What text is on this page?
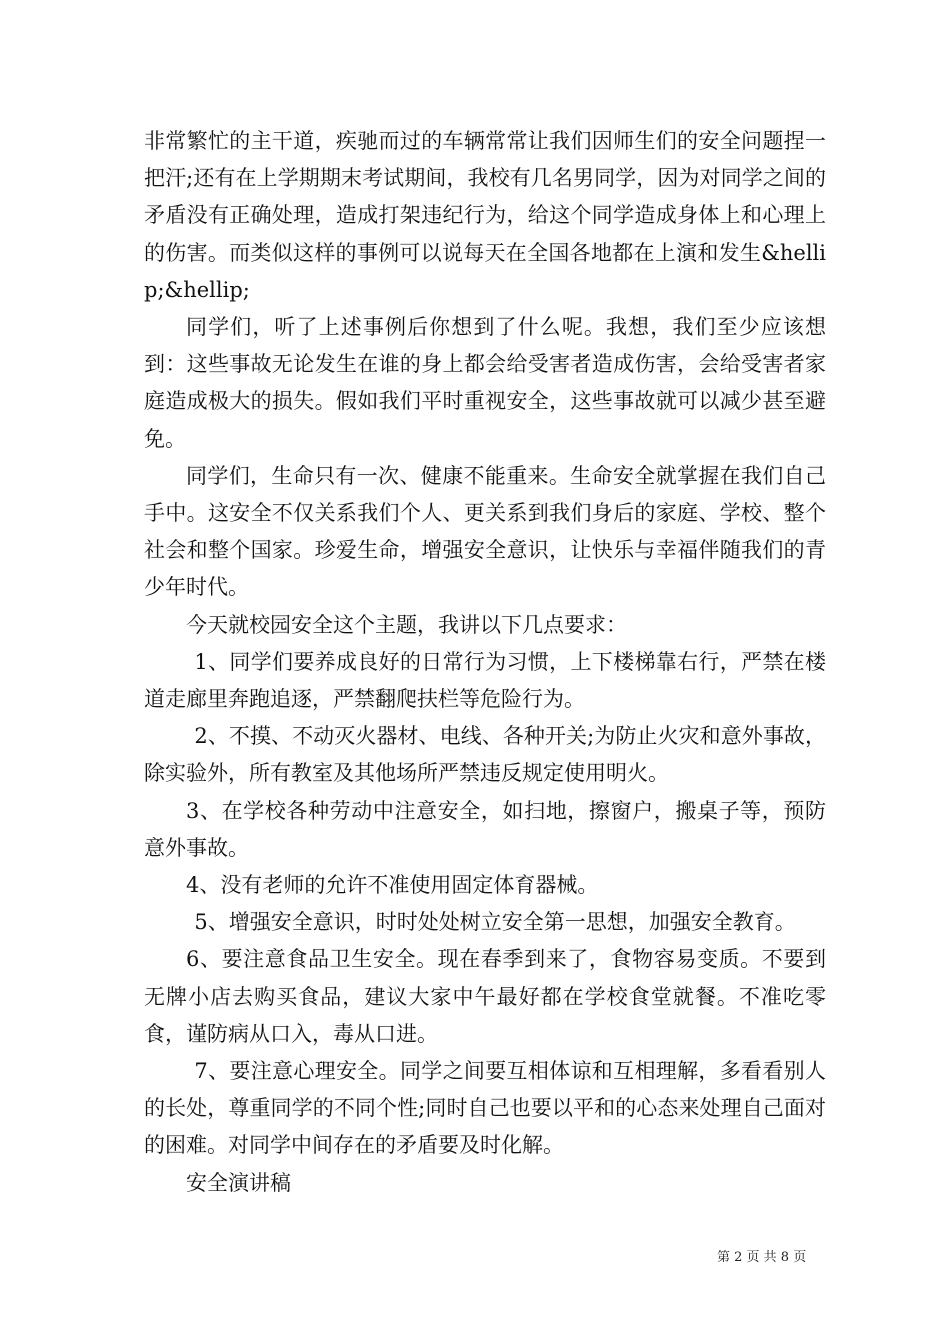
非常繁忙的主干道，疾驰而过的车辆常常让我们因师生们的安全问题捏一把汗;还有在上学期期末考试期间，我校有几名男同学，因为对同学之间的矛盾没有正确处理，造成打架违纪行为，给这个同学造成身体上和心理上的伤害。而类似这样的事例可以说每天在全国各地都在上演和发生&hellip;&hellip;

同学们，听了上述事例后你想到了什么呢。我想，我们至少应该想到：这些事故无论发生在谁的身上都会给受害者造成伤害，会给受害者家庭造成极大的损失。假如我们平时重视安全，这些事故就可以减少甚至避免。

同学们，生命只有一次、健康不能重来。生命安全就掌握在我们自己手中。这安全不仅关系我们个人、更关系到我们身后的家庭、学校、整个社会和整个国家。珍爱生命，增强安全意识，让快乐与幸福伴随我们的青少年时代。

今天就校园安全这个主题，我讲以下几点要求：

1、同学们要养成良好的日常行为习惯，上下楼梯靠右行，严禁在楼道走廊里奔跑追逐，严禁翻爬扶栏等危险行为。

2、不摸、不动灭火器材、电线、各种开关;为防止火灾和意外事故，除实验外，所有教室及其他场所严禁违反规定使用明火。

3、在学校各种劳动中注意安全，如扫地，擦窗户，搬桌子等，预防意外事故。

4、没有老师的允许不准使用固定体育器械。

5、增强安全意识，时时处处树立安全第一思想，加强安全教育。

6、要注意食品卫生安全。现在春季到来了，食物容易变质。不要到无牌小店去购买食品，建议大家中午最好都在学校食堂就餐。不准吃零食，谨防病从口入，毒从口进。

7、要注意心理安全。同学之间要互相体谅和互相理解，多看看别人的长处，尊重同学的不同个性;同时自己也要以平和的心态来处理自己面对的困难。对同学中间存在的矛盾要及时化解。

安全演讲稿

第 2 页 共 8 页
